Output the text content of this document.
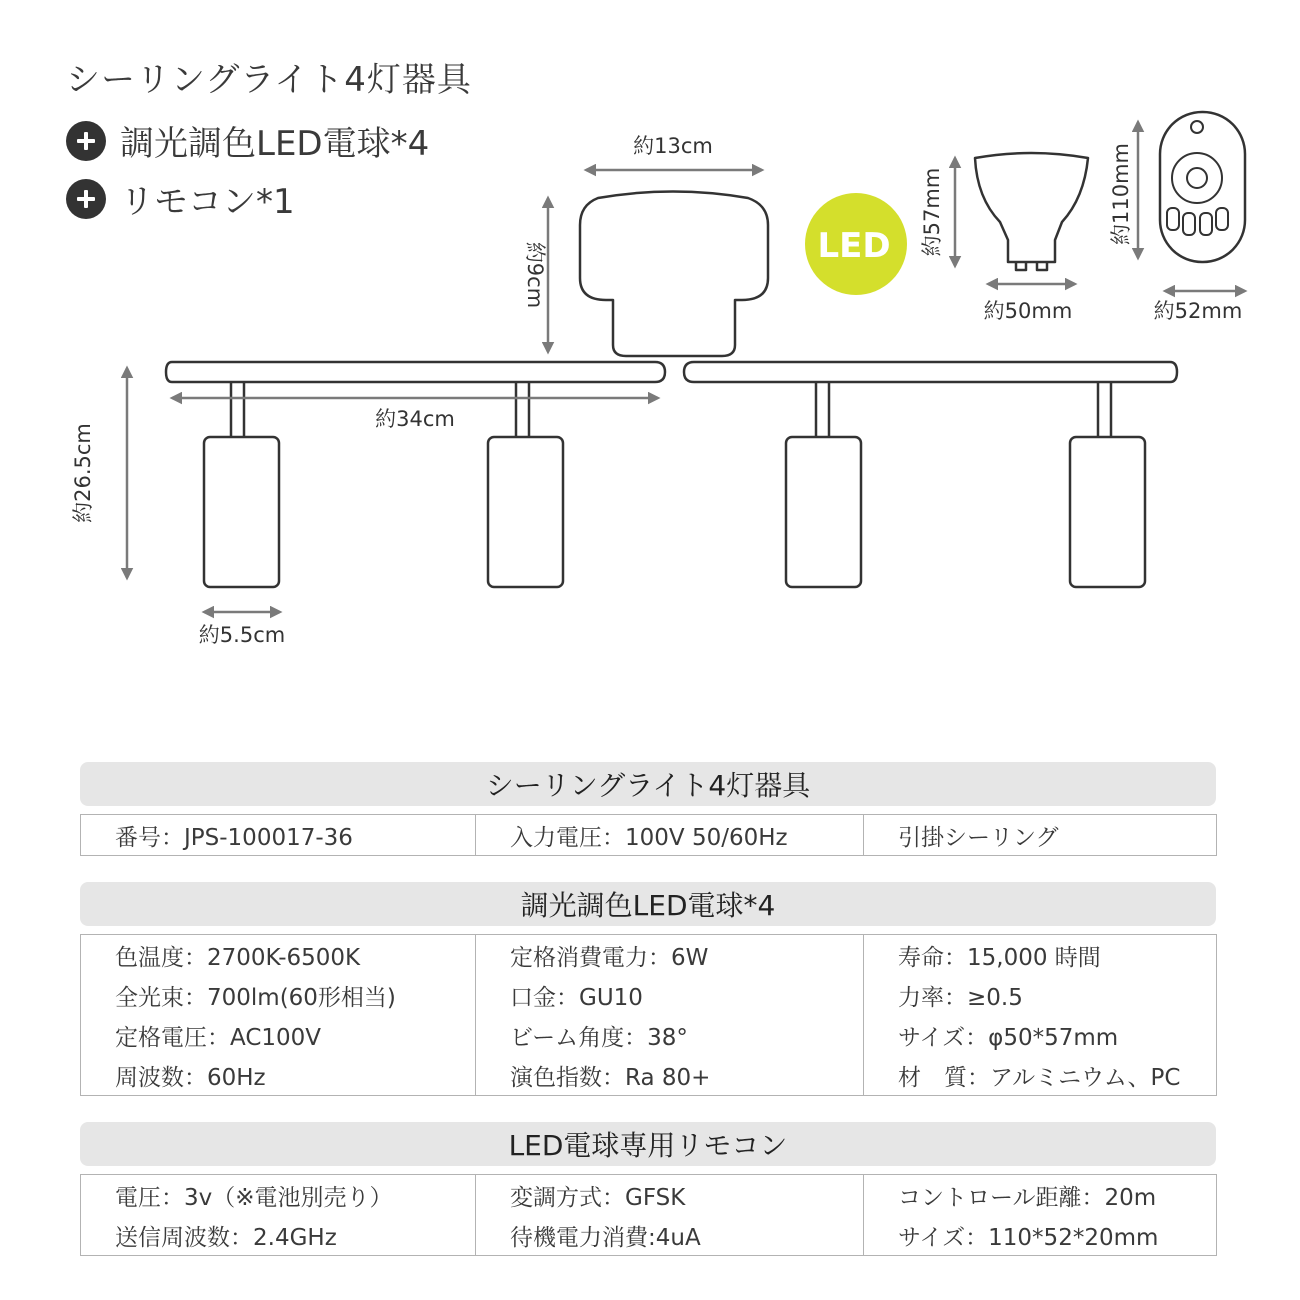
シーリングライト4灯器具
調光調色LED電球*4
リモコン*1
LED
約13cm
約9cm
約34cm
約26.5cm
約5.5cm
約57mm
約50mm
約110mm
約52mm
シーリングライト4灯器具
番号：JPS-100017-36	入力電圧：100V 50/60Hz	引掛シーリング
調光調色LED電球*4
色温度：2700K-6500K	定格消費電力：6W	寿命：15,000 時間
全光束：700lm(60形相当)	口金：GU10	力率：≥0.5
定格電圧：AC100V	ビーム角度：38°	サイズ：φ50*57mm
周波数：60Hz	演色指数：Ra 80+	材　質：アルミニウム、PC
LED電球専用リモコン
電圧：3v（※電池別売り）	変調方式：GFSK	コントロール距離：20m
送信周波数：2.4GHz	待機電力消費:4uA	サイズ：110*52*20mm
